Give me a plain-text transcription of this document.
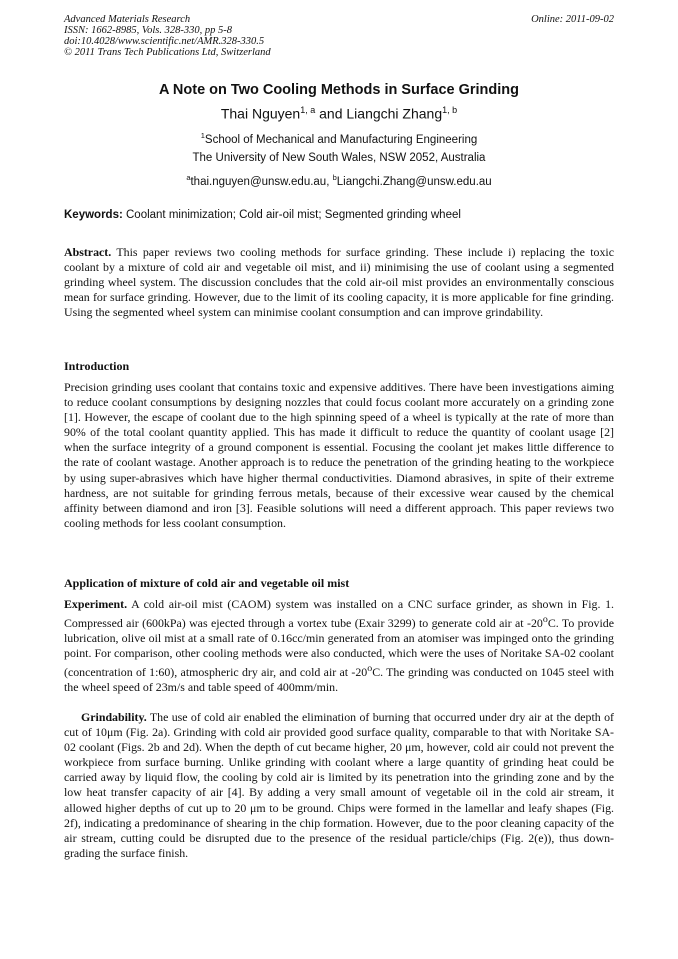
Advanced Materials Research
ISSN: 1662-8985, Vols. 328-330, pp 5-8
doi:10.4028/www.scientific.net/AMR.328-330.5
© 2011 Trans Tech Publications Ltd, Switzerland
Online: 2011-09-02
A Note on Two Cooling Methods in Surface Grinding
Thai Nguyen$^{1, a}$ and Liangchi Zhang$^{1, b}$
$^1$School of Mechanical and Manufacturing Engineering
The University of New South Wales, NSW 2052, Australia
$^a$thai.nguyen@unsw.edu.au, $^b$Liangchi.Zhang@unsw.edu.au
Keywords: Coolant minimization; Cold air-oil mist; Segmented grinding wheel
Abstract. This paper reviews two cooling methods for surface grinding. These include i) replacing the toxic coolant by a mixture of cold air and vegetable oil mist, and ii) minimising the use of coolant using a segmented grinding wheel system. The discussion concludes that the cold air-oil mist provides an environmentally conscious mean for surface grinding. However, due to the limit of its cooling capacity, it is more applicable for fine grinding. Using the segmented wheel system can minimise coolant consumption and can improve grindability.
Introduction
Precision grinding uses coolant that contains toxic and expensive additives. There have been investigations aiming to reduce coolant consumptions by designing nozzles that could focus coolant more accurately on a grinding zone [1]. However, the escape of coolant due to the high spinning speed of a wheel is typically at the rate of more than 90% of the total coolant quantity applied. This has made it difficult to reduce the quantity of coolant usage [2] when the surface integrity of a ground component is essential. Focusing the coolant jet makes little difference to the rate of coolant wastage. Another approach is to reduce the penetration of the grinding heating to the workpiece by using super-abrasives which have higher thermal conductivities. Diamond abrasives, in spite of their extreme hardness, are not suitable for grinding ferrous metals, because of their excessive wear caused by the chemical affinity between diamond and iron [3]. Feasible solutions will need a different approach. This paper reviews two cooling methods for less coolant consumption.
Application of mixture of cold air and vegetable oil mist
Experiment. A cold air-oil mist (CAOM) system was installed on a CNC surface grinder, as shown in Fig. 1. Compressed air (600kPa) was ejected through a vortex tube (Exair 3299) to generate cold air at -20$^o$C. To provide lubrication, olive oil mist at a small rate of 0.16cc/min generated from an atomiser was impinged onto the grinding point. For comparison, other cooling methods were also conducted, which were the uses of Noritake SA-02 coolant (concentration of 1:60), atmospheric dry air, and cold air at -20$^o$C. The grinding was conducted on 1045 steel with the wheel speed of 23m/s and table speed of 400mm/min.
Grindability. The use of cold air enabled the elimination of burning that occurred under dry air at the depth of cut of 10μm (Fig. 2a). Grinding with cold air provided good surface quality, comparable to that with Noritake SA-02 coolant (Figs. 2b and 2d). When the depth of cut became higher, 20 μm, however, cold air could not prevent the workpiece from surface burning. Unlike grinding with coolant where a large quantity of grinding heat could be carried away by liquid flow, the cooling by cold air is limited by its penetration into the grinding zone and by the low heat transfer capacity of air [4]. By adding a very small amount of vegetable oil in the cold air stream, it allowed higher depths of cut up to 20 μm to be ground. Chips were formed in the lamellar and leafy shapes (Fig. 2f), indicating a predominance of shearing in the chip formation. However, due to the poor cleaning capacity of the air stream, cutting could be disrupted due to the presence of the residual particle/chips (Fig. 2(e)), thus down-grading the surface finish.
